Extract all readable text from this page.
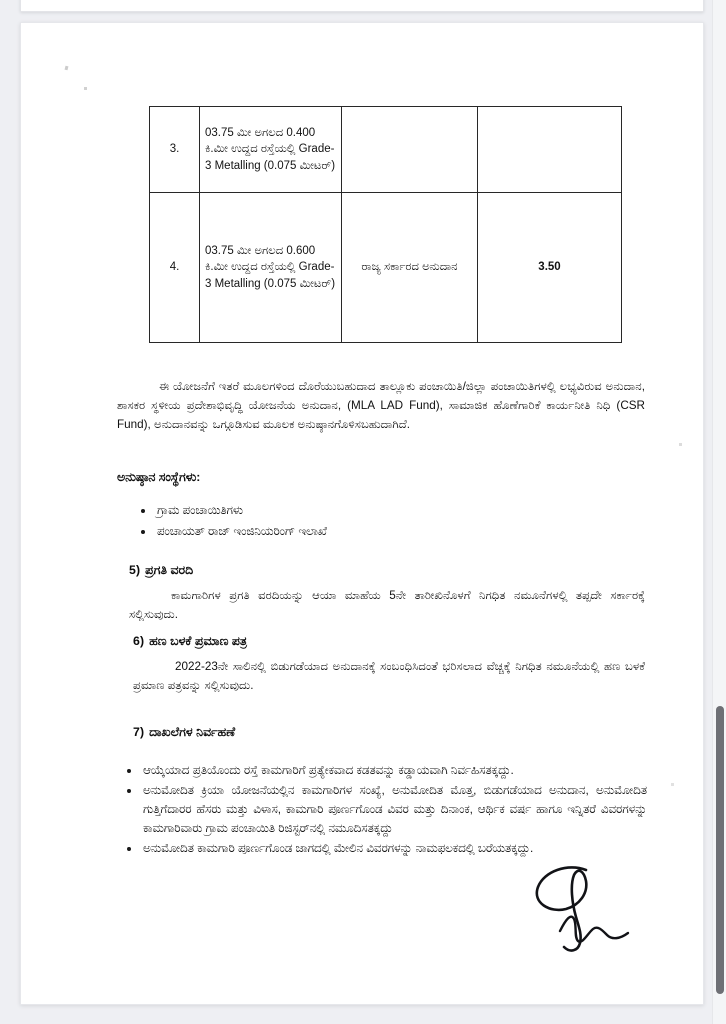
3.	03.75 ಮೀ ಅಗಲದ 0.400 ಕಿ.ಮೀ ಉದ್ದದ ರಸ್ತೆಯಲ್ಲಿ Grade-3 Metalling (0.075 ಮೀಟರ್)		
4.	03.75 ಮೀ ಅಗಲದ 0.600 ಕಿ.ಮೀ ಉದ್ದದ ರಸ್ತೆಯಲ್ಲಿ Grade-3 Metalling (0.075 ಮೀಟರ್)	ರಾಜ್ಯ ಸರ್ಕಾರದ ಅನುದಾನ	3.50

ಈ ಯೋಜನೆಗೆ ಇತರೆ ಮೂಲಗಳಿಂದ ದೊರೆಯುಬಹುದಾದ ತಾಲ್ಲೂಕು ಪಂಚಾಯಿತಿ/ಜಿಲ್ಲಾ ಪಂಚಾಯಿತಿಗಳಲ್ಲಿ ಲಭ್ಯವಿರುವ ಅನುದಾನ, ಶಾಸಕರ ಸ್ಥಳೀಯ ಪ್ರದೇಶಾಭಿವೃದ್ಧಿ ಯೋಜನೆಯ ಅನುದಾನ, (MLA LAD Fund), ಸಾಮಾಜಿಕ ಹೊಣೆಗಾರಿಕೆ ಕಾರ್ಯನೀತಿ ನಿಧಿ (CSR Fund), ಅನುದಾನವನ್ನು ಒಗ್ಗೂಡಿಸುವ ಮೂಲಕ ಅನುಷ್ಠಾನಗೊಳಿಸಬಹುದಾಗಿದೆ.

ಅನುಷ್ಠಾನ ಸಂಸ್ಥೆಗಳು:
ಗ್ರಾಮ ಪಂಚಾಯಿತಿಗಳು
ಪಂಚಾಯತ್ ರಾಜ್ ಇಂಜಿನಿಯರಿಂಗ್ ಇಲಾಖೆ

5) ಪ್ರಗತಿ ವರದಿ

ಕಾಮಗಾರಿಗಳ ಪ್ರಗತಿ ವರದಿಯನ್ನು ಆಯಾ ಮಾಹೆಯ 5ನೇ ತಾರೀಖಿನೊಳಗೆ ನಿಗಧಿತ ನಮೂನೆಗಳಲ್ಲಿ ತಪ್ಪದೇ ಸರ್ಕಾರಕ್ಕೆ ಸಲ್ಲಿಸುವುದು.

6) ಹಣ ಬಳಕೆ ಪ್ರಮಾಣ ಪತ್ರ

2022-23ನೇ ಸಾಲಿನಲ್ಲಿ ಬಿಡುಗಡೆಯಾದ ಅನುದಾನಕ್ಕೆ ಸಂಬಂಧಿಸಿದಂತೆ ಭರಿಸಲಾದ ವೆಚ್ಚಕ್ಕೆ ನಿಗಧಿತ ನಮೂನೆಯಲ್ಲಿ ಹಣ ಬಳಕೆ ಪ್ರಮಾಣ ಪತ್ರವನ್ನು ಸಲ್ಲಿಸುವುದು.

7) ದಾಖಲೆಗಳ ನಿರ್ವಹಣೆ

ಆಯ್ಕೆಯಾದ ಪ್ರತಿಯೊಂದು ರಸ್ತೆ ಕಾಮಗಾರಿಗೆ ಪ್ರತ್ಯೇಕವಾದ ಕಡತವನ್ನು ಕಡ್ಡಾಯವಾಗಿ ನಿರ್ವಹಿಸತಕ್ಕದ್ದು.
ಅನುಮೋದಿತ ಕ್ರಿಯಾ ಯೋಜನೆಯಲ್ಲಿನ ಕಾಮಗಾರಿಗಳ ಸಂಖ್ಯೆ, ಅನುಮೋದಿತ ಮೊತ್ತ, ಬಿಡುಗಡೆಯಾದ ಅನುದಾನ, ಅನುಮೋದಿತ ಗುತ್ತಿಗೆದಾರರ ಹೆಸರು ಮತ್ತು ವಿಳಾಸ, ಕಾಮಗಾರಿ ಪೂರ್ಣಗೊಂಡ ವಿವರ ಮತ್ತು ದಿನಾಂಕ, ಆರ್ಥಿಕ ವರ್ಷ ಹಾಗೂ ಇನ್ನಿತರೆ ವಿವರಗಳನ್ನು ಕಾಮಗಾರಿವಾರು ಗ್ರಾಮ ಪಂಚಾಯಿತಿ ರಿಜಿಸ್ಟರ್‌ನಲ್ಲಿ ನಮೂದಿಸತಕ್ಕದ್ದು
ಅನುಮೋದಿತ ಕಾಮಗಾರಿ ಪೂರ್ಣಗೊಂಡ ಜಾಗದಲ್ಲಿ ಮೇಲಿನ ವಿವರಗಳನ್ನು ನಾಮಫಲಕದಲ್ಲಿ ಬರೆಯತಕ್ಕದ್ದು.
